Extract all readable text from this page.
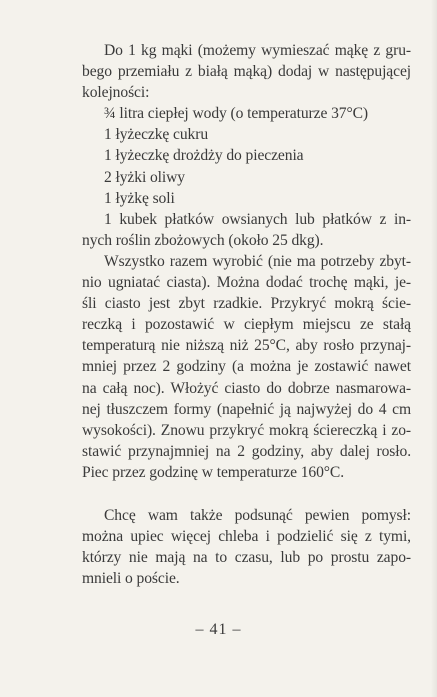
Do 1 kg mąki (możemy wymieszać mąkę z gru-
bego przemiału z białą mąką) dodaj w następującej
kolejności:
¾ litra ciepłej wody (o temperaturze 37°C)
1 łyżeczkę cukru
1 łyżeczkę drożdży do pieczenia
2 łyżki oliwy
1 łyżkę soli
1 kubek płatków owsianych lub płatków z in-
nych roślin zbożowych (około 25 dkg).
Wszystko razem wyrobić (nie ma potrzeby zbyt-
nio ugniatać ciasta). Można dodać trochę mąki, je-
śli ciasto jest zbyt rzadkie. Przykryć mokrą ście-
reczką i pozostawić w ciepłym miejscu ze stałą
temperaturą nie niższą niż 25°C, aby rosło przynaj-
mniej przez 2 godziny (a można je zostawić nawet
na całą noc). Włożyć ciasto do dobrze nasmarowa-
nej tłuszczem formy (napełnić ją najwyżej do 4 cm
wysokości). Znowu przykryć mokrą ściereczką i zo-
stawić przynajmniej na 2 godziny, aby dalej rosło.
Piec przez godzinę w temperaturze 160°C.
Chcę wam także podsunąć pewien pomysł:
można upiec więcej chleba i podzielić się z tymi,
którzy nie mają na to czasu, lub po prostu zapo-
mnieli o poście.
– 41 –
